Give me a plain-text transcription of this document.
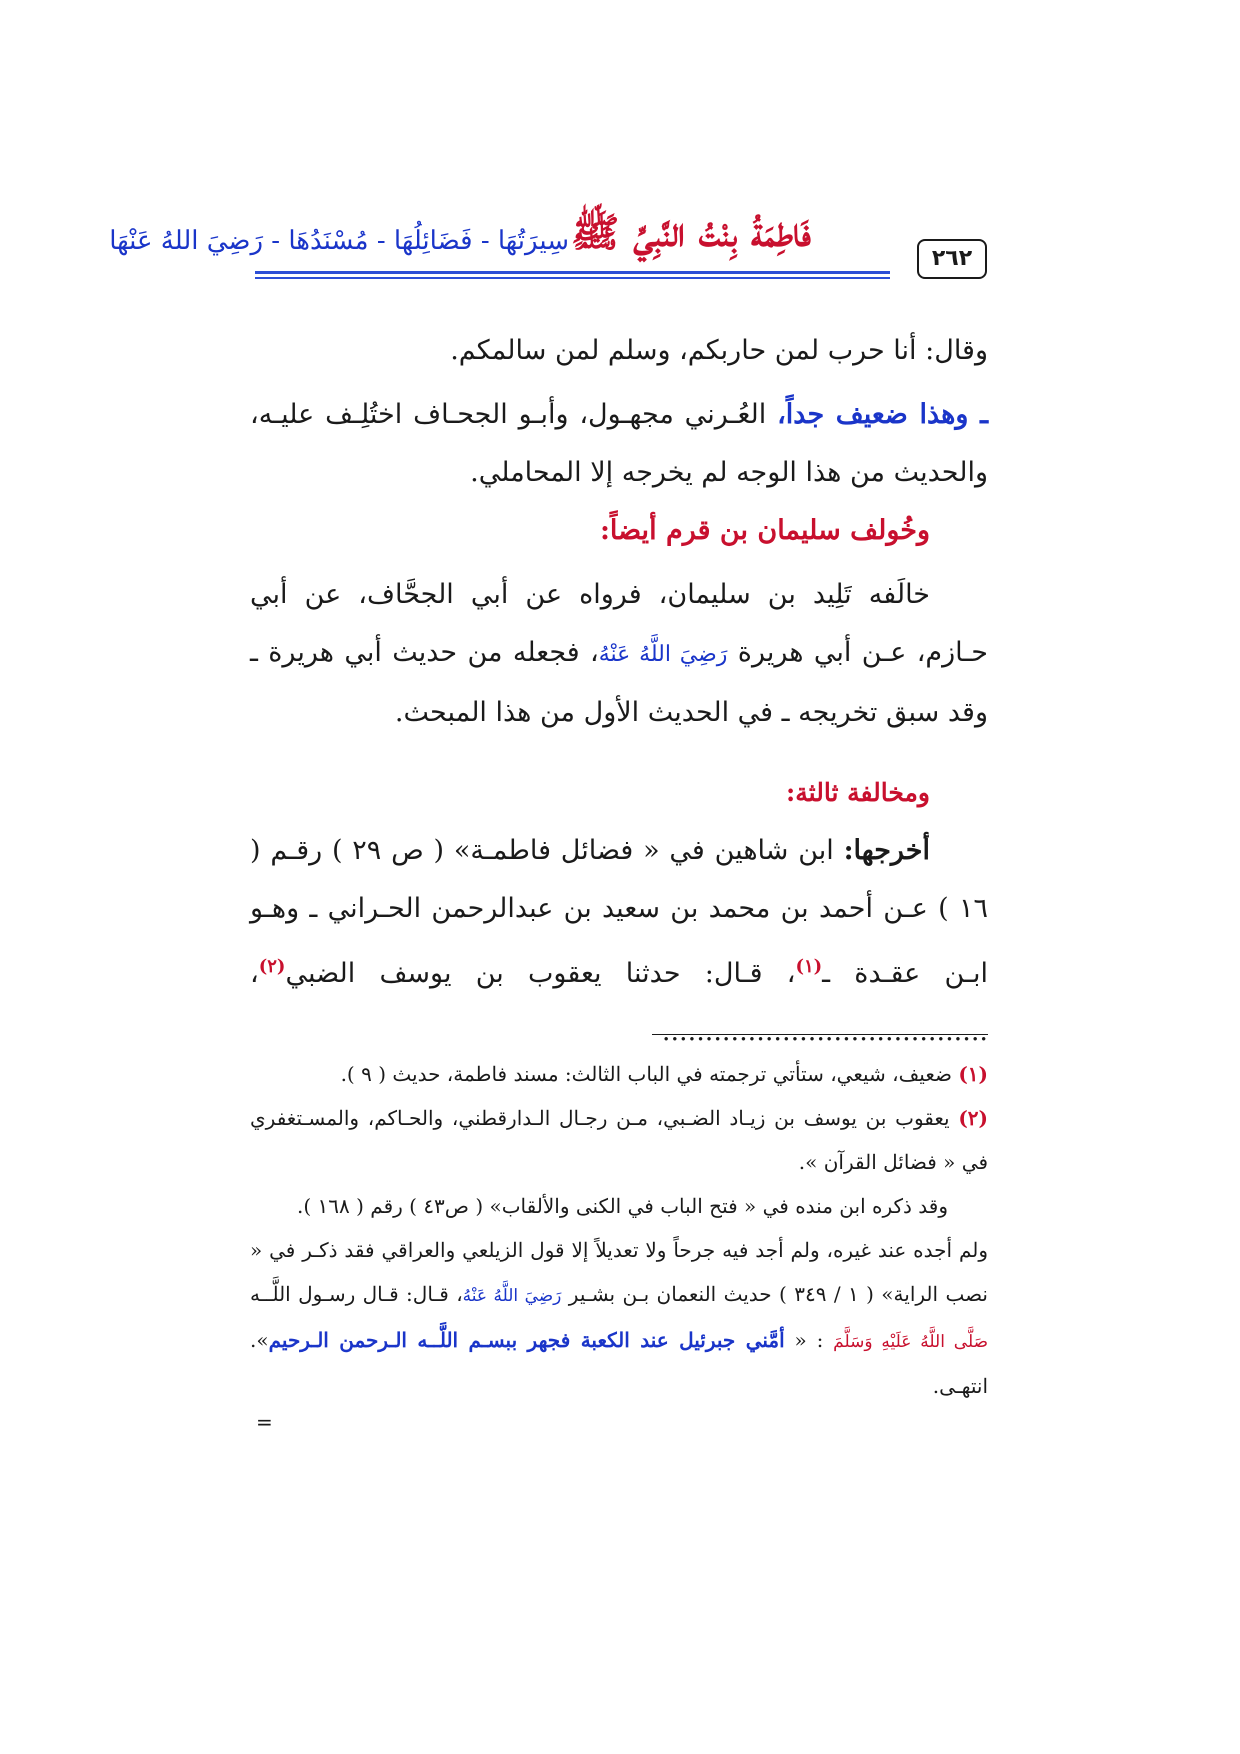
٢٦٢
فَاطِمَةُ بِنْتُ النَّبِيِّ ﷺ
سِيرَتُهَا - فَضَائِلُهَا - مُسْنَدُهَا - رَضِيَ اللهُ عَنْهَا

وقال: أنا حرب لمن حاربكم، وسلم لمن سالمكم.

ـ وهذا ضعيف جداً، العُـرني مجهـول، وأبـو الجحـاف اختُلِـف عليـه، والحديث من هذا الوجه لم يخرجه إلا المحاملي.

وخُولف سليمان بن قرم أيضاً:

خالَفه تَلِيد بن سليمان، فرواه عن أبي الجحَّاف، عن أبي حـازم، عـن أبي هريرة رَضِيَ اللَّهُ عَنْهُ، فجعله من حديث أبي هريرة ـ وقد سبق تخريجه ـ في الحديث الأول من هذا المبحث.

ومخالفة ثالثة:

أخرجها: ابن شاهين في « فضائل فاطمـة» ( ص ٢٩ ) رقـم ( ١٦ ) عـن أحمد بن محمد بن سعيد بن عبدالرحمن الحـراني ـ وهـو ابـن عقـدة ـ$^{(١)}$، قـال: حدثنا يعقوب بن يوسف الضبي$^{(٢)}$، ......................................

(١) ضعيف، شيعي، ستأتي ترجمته في الباب الثالث: مسند فاطمة، حديث ( ٩ ).

(٢) يعقوب بن يوسف بن زيـاد الضـبي، مـن رجـال الـدارقطني، والحـاكم، والمسـتغفري في « فضائل القرآن ».

وقد ذكره ابن منده في « فتح الباب في الكنى والألقاب» ( ص٤٣ ) رقم ( ١٦٨ ).

ولم أجده عند غيره، ولم أجد فيه جرحاً ولا تعديلاً إلا قول الزيلعي والعراقي فقد ذكـر في « نصب الراية» ( ١ / ٣٤٩ ) حديث النعمان بـن بشـير رَضِيَ اللَّهُ عَنْهُ، قـال: قـال رسـول اللَّــه صَلَّى اللَّهُ عَلَيْهِ وَسَلَّمَ : « أمَّني جبرئيل عند الكعبة فجهر ببسـم اللَّــه الـرحمن الـرحيم». انتهـى.

=
